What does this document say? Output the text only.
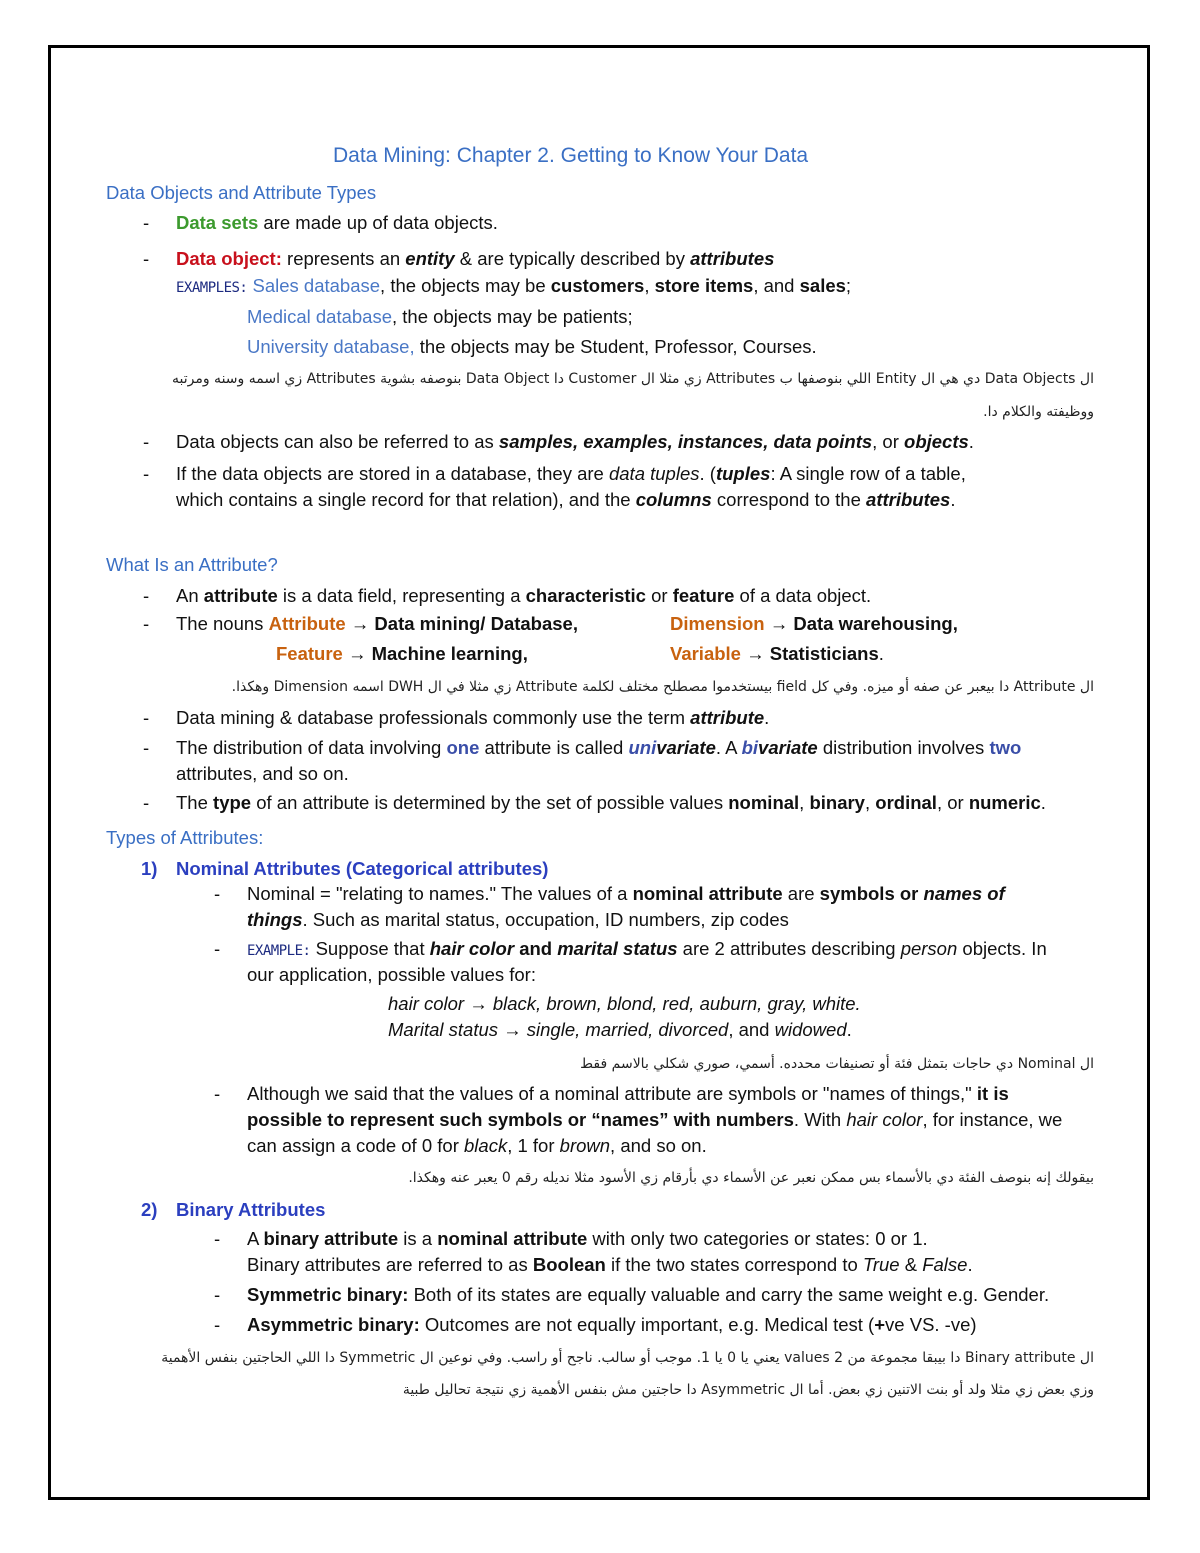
Data Mining: Chapter 2. Getting to Know Your Data
Data Objects and Attribute Types
- Data sets are made up of data objects.
- Data object: represents an entity & are typically described by attributes
EXAMPLES: Sales database, the objects may be customers, store items, and sales;
Medical database, the objects may be patients;
University database, the objects may be Student, Professor, Courses.
ال Data Objects دي هي ال Entity اللي بنوصفها ب Attributes زي مثلا ال Customer دا Data Object بنوصفه بشوية Attributes زي اسمه وسنه ومرتبه
ووظيفته والكلام دا.
- Data objects can also be referred to as samples, examples, instances, data points, or objects.
- If the data objects are stored in a database, they are data tuples. (tuples: A single row of a table,
which contains a single record for that relation), and the columns correspond to the attributes.
What Is an Attribute?
- An attribute is a data field, representing a characteristic or feature of a data object.
- The nouns Attribute → Data mining/ Database,	Dimension → Data warehousing,
Feature → Machine learning,	Variable → Statisticians.
ال Attribute دا بيعبر عن صفه أو ميزه. وفي كل field بيستخدموا مصطلح مختلف لكلمة Attribute زي مثلا في ال DWH اسمه Dimension وهكذا.
- Data mining & database professionals commonly use the term attribute.
- The distribution of data involving one attribute is called univariate. A bivariate distribution involves two
attributes, and so on.
- The type of an attribute is determined by the set of possible values nominal, binary, ordinal, or numeric.
Types of Attributes:
1) Nominal Attributes (Categorical attributes)
- Nominal = "relating to names." The values of a nominal attribute are symbols or names of
things. Such as marital status, occupation, ID numbers, zip codes
- EXAMPLE: Suppose that hair color and marital status are 2 attributes describing person objects. In
our application, possible values for:
hair color → black, brown, blond, red, auburn, gray, white.
Marital status → single, married, divorced, and widowed.
ال Nominal دي حاجات بتمثل فئة أو تصنيفات محدده. أسمي، صوري شكلي بالاسم فقط
- Although we said that the values of a nominal attribute are symbols or "names of things," it is
possible to represent such symbols or “names” with numbers. With hair color, for instance, we
can assign a code of 0 for black, 1 for brown, and so on.
بيقولك إنه بنوصف الفئة دي بالأسماء بس ممكن نعبر عن الأسماء دي بأرقام زي الأسود مثلا نديله رقم 0 يعبر عنه وهكذا.
2) Binary Attributes
- A binary attribute is a nominal attribute with only two categories or states: 0 or 1.
Binary attributes are referred to as Boolean if the two states correspond to True & False.
- Symmetric binary: Both of its states are equally valuable and carry the same weight e.g. Gender.
- Asymmetric binary: Outcomes are not equally important, e.g. Medical test (+ve VS. -ve)
ال Binary attribute دا بيبقا مجموعة من values 2 يعني يا 0 يا 1. موجب أو سالب. ناجح أو راسب. وفي نوعين ال Symmetric دا اللي الحاجتين بنفس الأهمية
وزي بعض زي مثلا ولد أو بنت الاتنين زي بعض. أما ال Asymmetric دا حاجتين مش بنفس الأهمية زي نتيجة تحاليل طبية
